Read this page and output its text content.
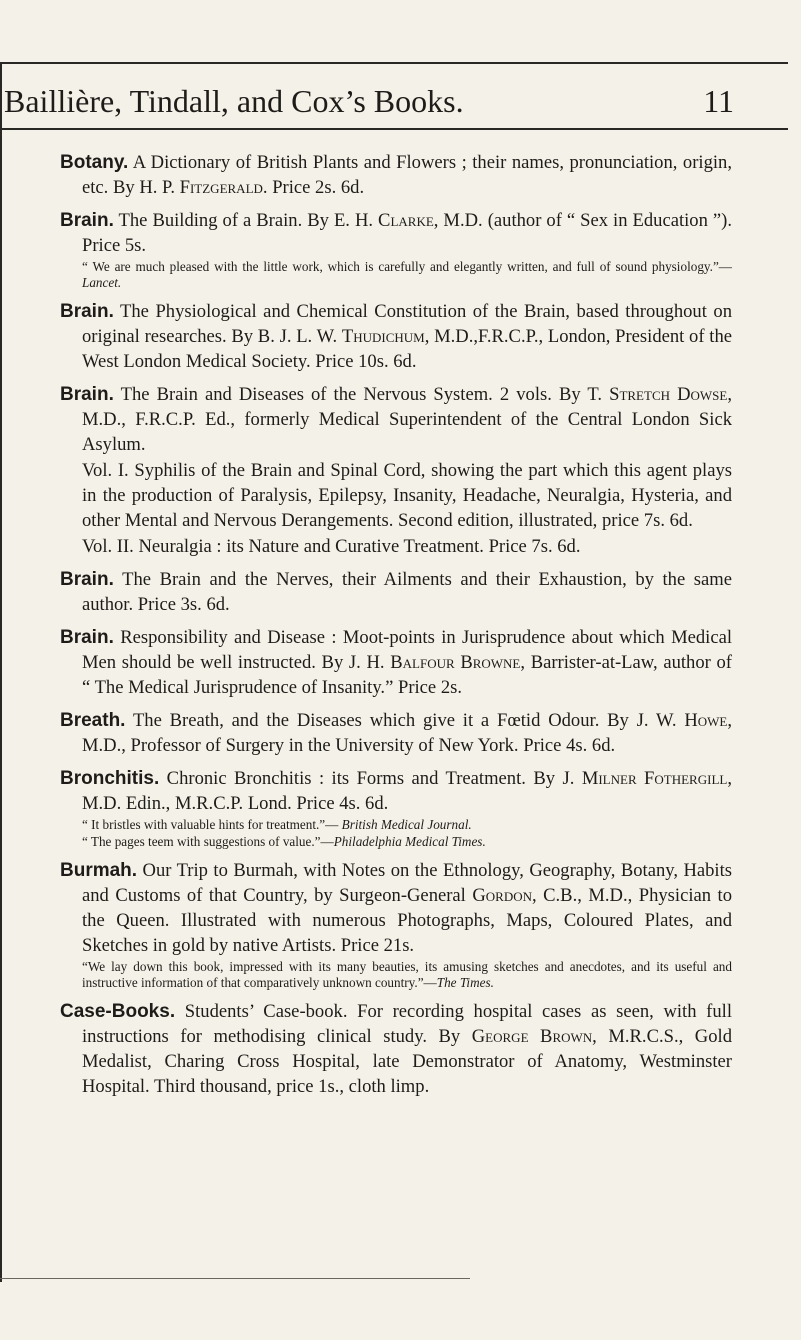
Baillière, Tindall, and Cox’s Books.	11

Botany. A Dictionary of British Plants and Flowers ; their names, pronunciation, origin, etc. By H. P. Fitzgerald. Price 2s. 6d.

Brain. The Building of a Brain. By E. H. Clarke, M.D. (author of “ Sex in Education ”). Price 5s.

“ We are much pleased with the little work, which is carefully and elegantly written, and full of sound physiology.”—Lancet.

Brain. The Physiological and Chemical Constitution of the Brain, based throughout on original researches. By B. J. L. W. Thudichum, M.D.,F.R.C.P., London, President of the West London Medical Society. Price 10s. 6d.

Brain. The Brain and Diseases of the Nervous System. 2 vols. By T. Stretch Dowse, M.D., F.R.C.P. Ed., formerly Medical Superintendent of the Central London Sick Asylum.

Vol. I. Syphilis of the Brain and Spinal Cord, showing the part which this agent plays in the production of Paralysis, Epilepsy, Insanity, Headache, Neuralgia, Hysteria, and other Mental and Nervous Derangements. Second edition, illustrated, price 7s. 6d.

Vol. II. Neuralgia : its Nature and Curative Treatment. Price 7s. 6d.

Brain. The Brain and the Nerves, their Ailments and their Exhaustion, by the same author. Price 3s. 6d.

Brain. Responsibility and Disease : Moot-points in Jurisprudence about which Medical Men should be well instructed. By J. H. Balfour Browne, Barrister-at-Law, author of “ The Medical Jurisprudence of Insanity.” Price 2s.

Breath. The Breath, and the Diseases which give it a Fœtid Odour. By J. W. Howe, M.D., Professor of Surgery in the University of New York. Price 4s. 6d.

Bronchitis. Chronic Bronchitis : its Forms and Treatment. By J. Milner Fothergill, M.D. Edin., M.R.C.P. Lond. Price 4s. 6d.

“ It bristles with valuable hints for treatment.”— British Medical Journal.

“ The pages teem with suggestions of value.”—Philadelphia Medical Times.

Burmah. Our Trip to Burmah, with Notes on the Ethnology, Geography, Botany, Habits and Customs of that Country, by Surgeon-General Gordon, C.B., M.D., Physician to the Queen. Illustrated with numerous Photographs, Maps, Coloured Plates, and Sketches in gold by native Artists. Price 21s.

“We lay down this book, impressed with its many beauties, its amusing sketches and anecdotes, and its useful and instructive information of that comparatively unknown country.”—The Times.

Case-Books. Students’ Case-book. For recording hospital cases as seen, with full instructions for methodising clinical study. By George Brown, M.R.C.S., Gold Medalist, Charing Cross Hospital, late Demonstrator of Anatomy, Westminster Hospital. Third thousand, price 1s., cloth limp.
